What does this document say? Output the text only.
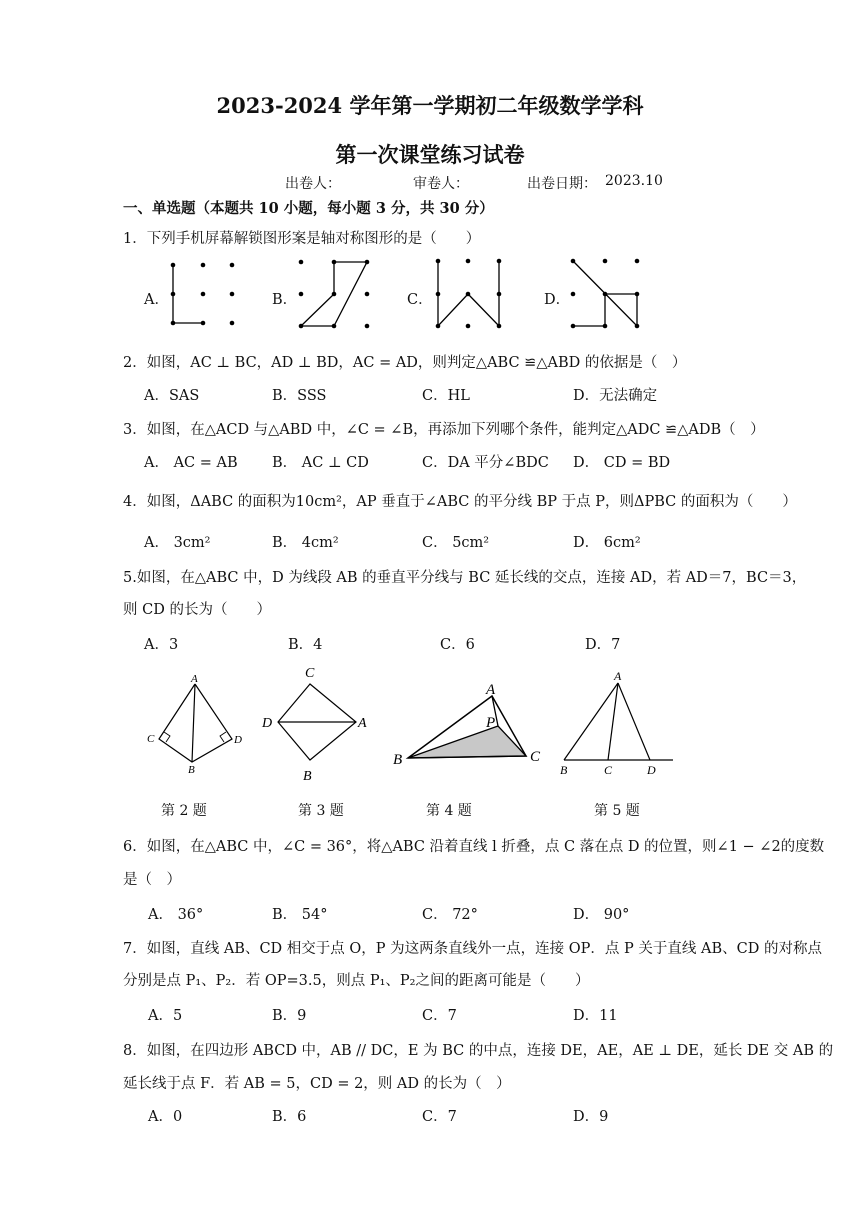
2023-2024 学年第一学期初二年级数学学科
第一次课堂练习试卷
出卷人：	审卷人：	出卷日期： 2023.10
一、单选题（本题共 10 小题，每小题 3 分，共 30 分）
1．下列手机屏幕解锁图形案是轴对称图形的是（　　）
A．	B．	C．	D．
2．如图，AC ⊥ BC，AD ⊥ BD，AC = AD，则判定△ABC ≌△ABD 的依据是（　）
A．SAS	B．SSS	C．HL	D．无法确定
3．如图，在△ACD 与△ABD 中，∠C = ∠B，再添加下列哪个条件，能判定△ADC ≌△ADB（　）
A． AC = AB B． AC ⊥ CD	C．DA 平分∠BDC D． CD = BD
4．如图，ΔABC 的面积为10cm²，AP 垂直于∠ABC 的平分线 BP 于点 P，则ΔPBC 的面积为（　　）
A． 3cm²	B． 4cm²	C． 5cm²	D． 6cm²
5.如图，在△ABC 中，D 为线段 AB 的垂直平分线与 BC 延长线的交点，连接 AD，若 AD＝7，BC＝3，
则 CD 的长为（　　）
A．3	B．4	C．6	D．7
A
C	D
B
第 2 题
C
D	A
B
第 3 题
A
P
B	C
第 4 题
A
B	C	D
第 5 题
6．如图，在△ABC 中，∠C = 36°，将△ABC 沿着直线 l 折叠，点 C 落在点 D 的位置，则∠1 − ∠2的度数
是（　）
A． 36°	B． 54°	C． 72°	D． 90°
7．如图，直线 AB、CD 相交于点 O，P 为这两条直线外一点，连接 OP．点 P 关于直线 AB、CD 的对称点
分别是点 P₁、P₂．若 OP=3.5，则点 P₁、P₂之间的距离可能是（　　）
A．5	B．9	C．7	D．11
8．如图，在四边形 ABCD 中，AB // DC，E 为 BC 的中点，连接 DE，AE，AE ⊥ DE，延长 DE 交 AB 的
延长线于点 F．若 AB = 5，CD = 2，则 AD 的长为（　）
A．0	B．6	C．7	D．9
